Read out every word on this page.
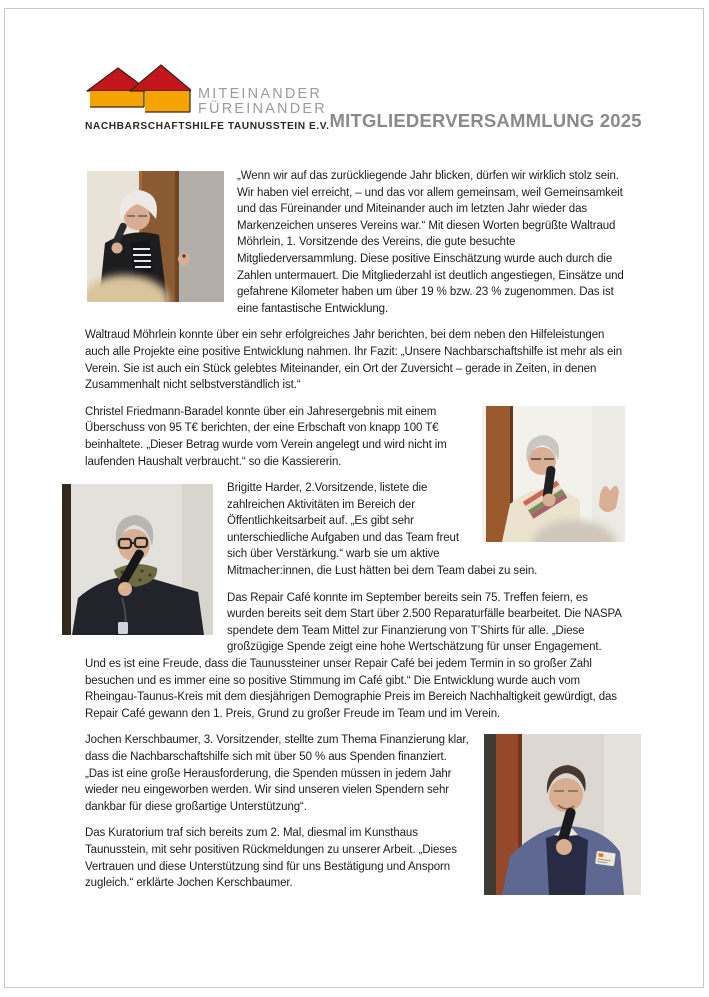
MITEINANDER
FÜREINANDER
NACHBARSCHAFTSHILFE TAUNUSSTEIN E.V. MITGLIEDERVERSAMMLUNG 2025

„Wenn wir auf das zurückliegende Jahr blicken, dürfen wir wirklich stolz sein. Wir haben viel erreicht, – und das vor allem gemeinsam, weil Gemeinsamkeit und das Füreinander und Miteinander auch im letzten Jahr wieder das Markenzeichen unseres Vereins war.“ Mit diesen Worten begrüßte Waltraud Möhrlein, 1. Vorsitzende des Vereins, die gute besuchte Mitgliederversammlung. Diese positive Einschätzung wurde auch durch die Zahlen untermauert. Die Mitgliederzahl ist deutlich angestiegen, Einsätze und gefahrene Kilometer haben um über 19 % bzw. 23 % zugenommen. Das ist eine fantastische Entwicklung.

Waltraud Möhrlein konnte über ein sehr erfolgreiches Jahr berichten, bei dem neben den Hilfeleistungen auch alle Projekte eine positive Entwicklung nahmen. Ihr Fazit: „Unsere Nachbarschaftshilfe ist mehr als ein Verein. Sie ist auch ein Stück gelebtes Miteinander, ein Ort der Zuversicht – gerade in Zeiten, in denen Zusammenhalt nicht selbstverständlich ist.“

Christel Friedmann-Baradel konnte über ein Jahresergebnis mit einem Überschuss von 95 T€ berichten, der eine Erbschaft von knapp 100 T€ beinhaltete. „Dieser Betrag wurde vom Verein angelegt und wird nicht im laufenden Haushalt verbraucht.“ so die Kassiererin.

Brigitte Harder, 2.Vorsitzende, listete die zahlreichen Aktivitäten im Bereich der Öffentlichkeitsarbeit auf. „Es gibt sehr unterschiedliche Aufgaben und das Team freut sich über Verstärkung.“ warb sie um aktive Mitmacher:innen, die Lust hätten bei dem Team dabei zu sein.

Das Repair Café konnte im September bereits sein 75. Treffen feiern, es wurden bereits seit dem Start über 2.500 Reparaturfälle bearbeitet. Die NASPA spendete dem Team Mittel zur Finanzierung von T’Shirts für alle. „Diese großzügige Spende zeigt eine hohe Wertschätzung für unser Engagement. Und es ist eine Freude, dass die Taunussteiner unser Repair Café bei jedem Termin in so großer Zahl besuchen und es immer eine so positive Stimmung im Café gibt.“ Die Entwicklung wurde auch vom Rheingau-Taunus-Kreis mit dem diesjährigen Demographie Preis im Bereich Nachhaltigkeit gewürdigt, das Repair Café gewann den 1. Preis, Grund zu großer Freude im Team und im Verein.

Jochen Kerschbaumer, 3. Vorsitzender, stellte zum Thema Finanzierung klar, dass die Nachbarschaftshilfe sich mit über 50 % aus Spenden finanziert. „Das ist eine große Herausforderung, die Spenden müssen in jedem Jahr wieder neu eingeworben werden. Wir sind unseren vielen Spendern sehr dankbar für diese großartige Unterstützung“.

Das Kuratorium traf sich bereits zum 2. Mal, diesmal im Kunsthaus Taunusstein, mit sehr positiven Rückmeldungen zu unserer Arbeit. „Dieses Vertrauen und diese Unterstützung sind für uns Bestätigung und Ansporn zugleich.“ erklärte Jochen Kerschbaumer.
